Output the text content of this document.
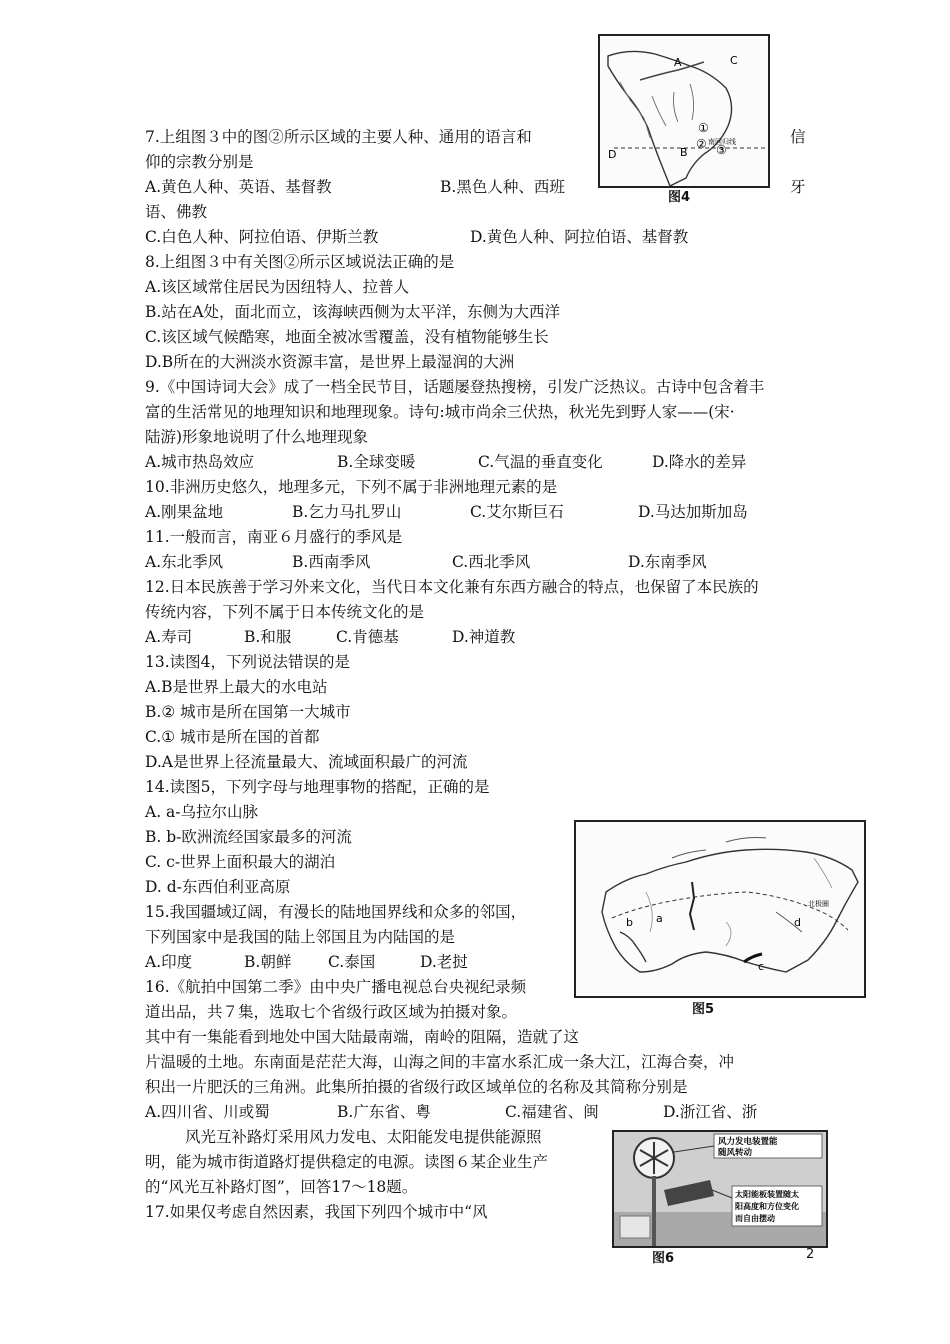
7.上组图３中的图②所示区域的主要人种、通用的语言和	信
仰的宗教分别是
A.黄色人种、英语、基督教	B.黑色人种、西班	牙
语、佛教
C.白色人种、阿拉伯语、伊斯兰教	D.黄色人种、阿拉伯语、基督教
8.上组图３中有关图②所示区域说法正确的是
A.该区域常住居民为因纽特人、拉普人
B.站在A处，面北而立，该海峡西侧为太平洋，东侧为大西洋
C.该区域气候酷寒，地面全被冰雪覆盖，没有植物能够生长
D.B所在的大洲淡水资源丰富，是世界上最湿润的大洲
9.《中国诗词大会》成了一档全民节目，话题屡登热搜榜，引发广泛热议。古诗中包含着丰
富的生活常见的地理知识和地理现象。诗句:城市尚余三伏热，秋光先到野人家——(宋·
陆游)形象地说明了什么地理现象
A.城市热岛效应	B.全球变暖	C.气温的垂直变化	D.降水的差异
10.非洲历史悠久，地理多元，下列不属于非洲地理元素的是
A.刚果盆地	B.乞力马扎罗山	C.艾尔斯巨石	D.马达加斯加岛
11.一般而言，南亚６月盛行的季风是
A.东北季风	B.西南季风	C.西北季风	D.东南季风
12.日本民族善于学习外来文化，当代日本文化兼有东西方融合的特点，也保留了本民族的
传统内容，下列不属于日本传统文化的是
A.寿司	B.和服	C.肯德基	D.神道教
13.读图4，下列说法错误的是
A.B是世界上最大的水电站
B.② 城市是所在国第一大城市
C.① 城市是所在国的首都
D.A是世界上径流量最大、流域面积最广的河流
14.读图5，下列字母与地理事物的搭配，正确的是
A. a-乌拉尔山脉
B. b-欧洲流经国家最多的河流
C. c-世界上面积最大的湖泊
D. d-东西伯利亚高原
15.我国疆域辽阔，有漫长的陆地国界线和众多的邻国，
下列国家中是我国的陆上邻国且为内陆国的是
A.印度	B.朝鲜 C.泰国	D.老挝
16.《航拍中国第二季》由中央广播电视总台央视纪录频
道出品，共７集，选取七个省级行政区域为拍摄对象。
其中有一集能看到地处中国大陆最南端，南岭的阻隔，造就了这
片温暖的土地。东南面是茫茫大海，山海之间的丰富水系汇成一条大江，江海合奏，冲
积出一片肥沃的三角洲。此集所拍摄的省级行政区域单位的名称及其简称分别是
A.四川省、川或蜀	B.广东省、粤	C.福建省、闽	D.浙江省、浙
风光互补路灯采用风力发电、太阳能发电提供能源照
明，能为城市街道路灯提供稳定的电源。读图６某企业生产
的“风光互补路灯图”，回答17～18题。
17.如果仅考虑自然因素，我国下列四个城市中“风
A	C
D	B
①
② ③
南回归线
图4
a
b
c
d
北极圈
图5
风力发电装置能
随风转动
太阳能板装置随太
阳高度和方位变化
而自由摆动
图6	2
